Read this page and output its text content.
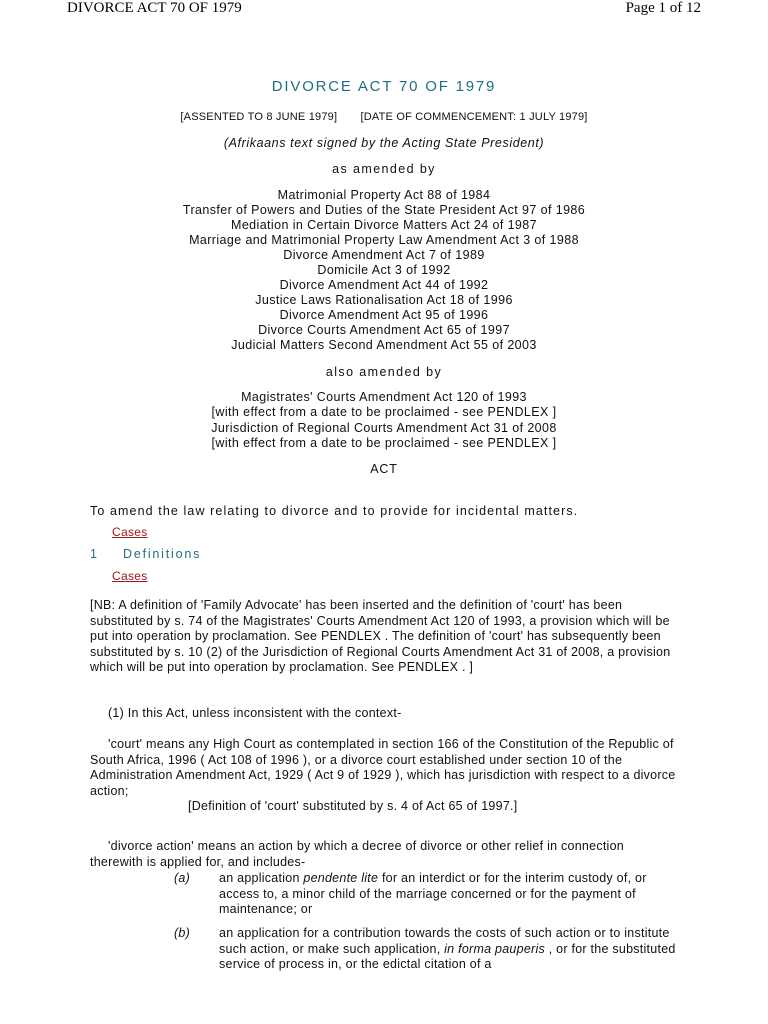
DIVORCE ACT 70 OF 1979	Page 1 of 12
DIVORCE ACT 70 OF 1979
[ASSENTED TO 8 JUNE 1979] [DATE OF COMMENCEMENT: 1 JULY 1979]
(Afrikaans text signed by the Acting State President)
as amended by
Matrimonial Property Act 88 of 1984
Transfer of Powers and Duties of the State President Act 97 of 1986
Mediation in Certain Divorce Matters Act 24 of 1987
Marriage and Matrimonial Property Law Amendment Act 3 of 1988
Divorce Amendment Act 7 of 1989
Domicile Act 3 of 1992
Divorce Amendment Act 44 of 1992
Justice Laws Rationalisation Act 18 of 1996
Divorce Amendment Act 95 of 1996
Divorce Courts Amendment Act 65 of 1997
Judicial Matters Second Amendment Act 55 of 2003
also amended by
Magistrates' Courts Amendment Act 120 of 1993
[with effect from a date to be proclaimed - see PENDLEX ]
Jurisdiction of Regional Courts Amendment Act 31 of 2008
[with effect from a date to be proclaimed - see PENDLEX ]
ACT
To amend the law relating to divorce and to provide for incidental matters.
Cases
1 Definitions
Cases
[NB: A definition of 'Family Advocate' has been inserted and the definition of 'court' has been substituted by s. 74 of the Magistrates' Courts Amendment Act 120 of 1993, a provision which will be put into operation by proclamation. See PENDLEX . The definition of 'court' has subsequently been substituted by s. 10 (2) of the Jurisdiction of Regional Courts Amendment Act 31 of 2008, a provision which will be put into operation by proclamation. See PENDLEX . ]
(1) In this Act, unless inconsistent with the context-
'court' means any High Court as contemplated in section 166 of the Constitution of the Republic of South Africa, 1996 ( Act 108 of 1996 ), or a divorce court established under section 10 of the Administration Amendment Act, 1929 ( Act 9 of 1929 ), which has jurisdiction with respect to a divorce action;
[Definition of 'court' substituted by s. 4 of Act 65 of 1997.]
'divorce action' means an action by which a decree of divorce or other relief in connection therewith is applied for, and includes-
(a) an application pendente lite for an interdict or for the interim custody of, or access to, a minor child of the marriage concerned or for the payment of maintenance; or
(b) an application for a contribution towards the costs of such action or to institute such action, or make such application, in forma pauperis , or for the substituted service of process in, or the edictal citation of a
